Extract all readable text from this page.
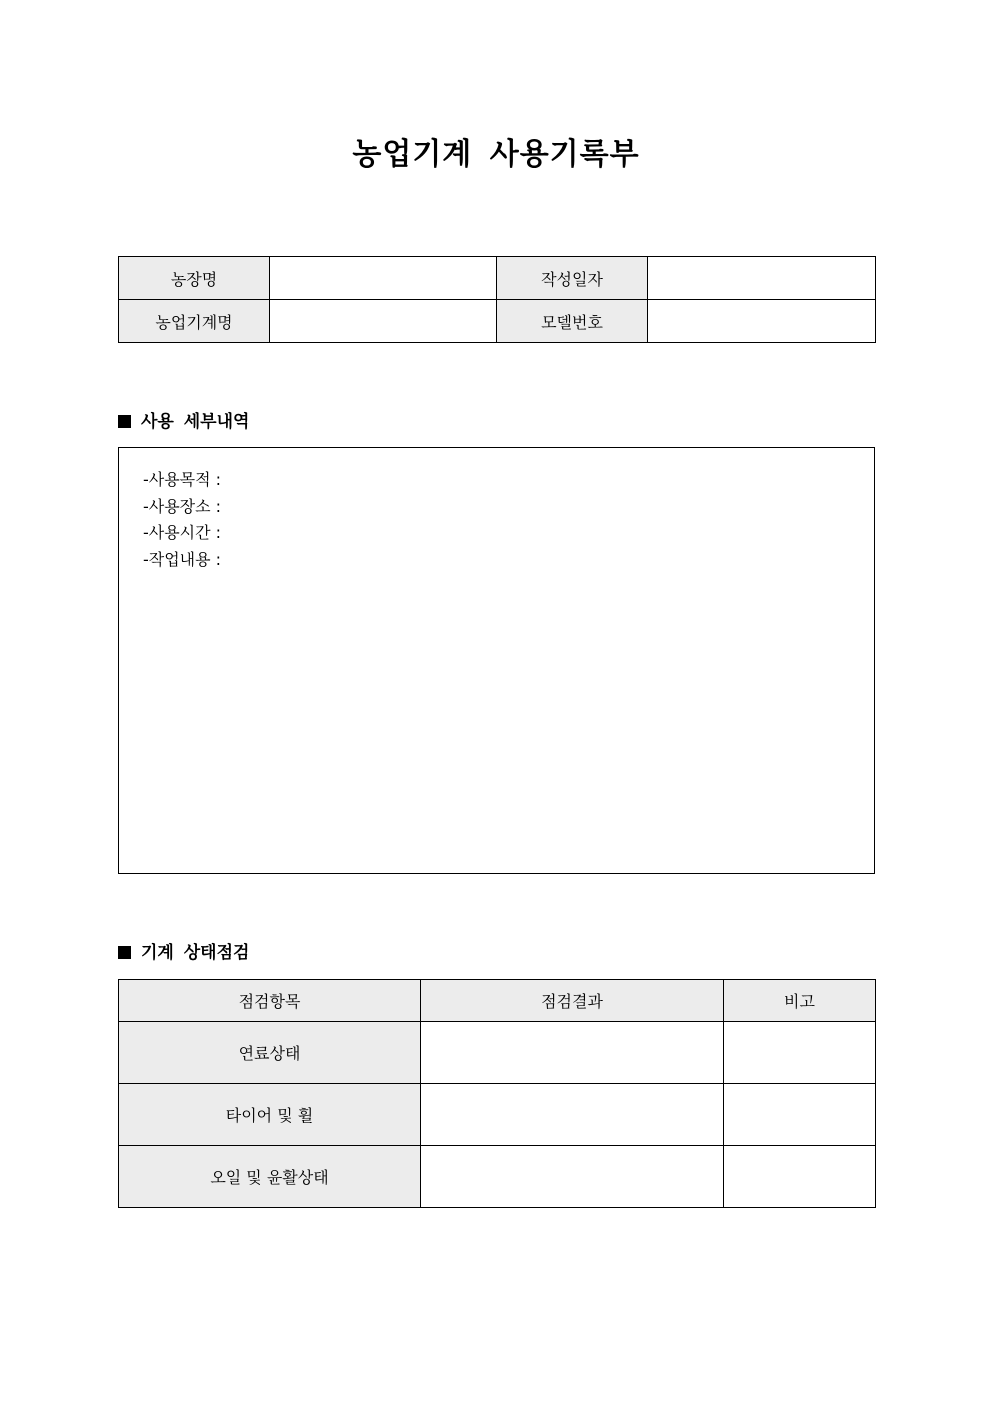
농업기계 사용기록부
농장명		작성일자	
농업기계명		모델번호	
사용 세부내역
-사용목적 :
-사용장소 :
-사용시간 :
-작업내용 :
기계 상태점검
점검항목	점검결과	비고
연료상태		
타이어 및 휠		
오일 및 윤활상태		
